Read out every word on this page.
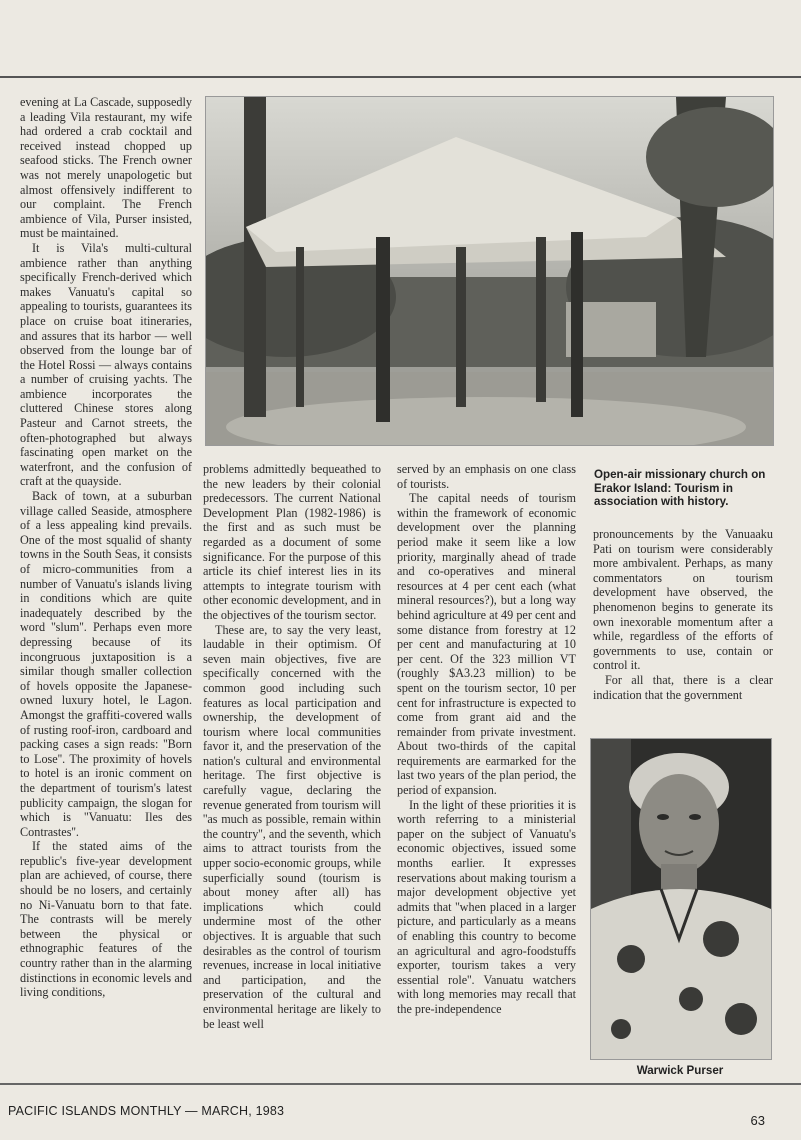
evening at La Cascade, supposedly a leading Vila restaurant, my wife had ordered a crab cocktail and received instead chopped up seafood sticks. The French owner was not merely unapologetic but almost offensively indifferent to our complaint. The French ambience of Vila, Purser insisted, must be maintained.

It is Vila's multi-cultural ambience rather than anything specifically French-derived which makes Vanuatu's capital so appealing to tourists, guarantees its place on cruise boat itineraries, and assures that its harbor — well observed from the lounge bar of the Hotel Rossi — always contains a number of cruising yachts. The ambience incorporates the cluttered Chinese stores along Pasteur and Carnot streets, the often-photographed but always fascinating open market on the waterfront, and the confusion of craft at the quayside.

Back of town, at a suburban village called Seaside, atmosphere of a less appealing kind prevails. One of the most squalid of shanty towns in the South Seas, it consists of micro-communities from a number of Vanuatu's islands living in conditions which are quite inadequately described by the word ''slum''. Perhaps even more depressing because of its incongruous juxtaposition is a similar though smaller collection of hovels opposite the Japanese-owned luxury hotel, le Lagon. Amongst the graffiti-covered walls of rusting roof-iron, cardboard and packing cases a sign reads: ''Born to Lose''. The proximity of hovels to hotel is an ironic comment on the department of tourism's latest publicity campaign, the slogan for which is ''Vanuatu: Iles des Contrastes''.

If the stated aims of the republic's five-year development plan are achieved, of course, there should be no losers, and certainly no Ni-Vanuatu born to that fate. The contrasts will be merely between the physical or ethnographic features of the country rather than in the alarming distinctions in economic levels and living conditions,

Open-air missionary church on Erakor Island: Tourism in association with history.

problems admittedly bequeathed to the new leaders by their colonial predecessors. The current National Development Plan (1982-1986) is the first and as such must be regarded as a document of some significance. For the purpose of this article its chief interest lies in its attempts to integrate tourism with other economic development, and in the objectives of the tourism sector.

These are, to say the very least, laudable in their optimism. Of seven main objectives, five are specifically concerned with the common good including such features as local participation and ownership, the development of tourism where local communities favor it, and the preservation of the nation's cultural and environmental heritage. The first objective is carefully vague, declaring the revenue generated from tourism will ''as much as possible, remain within the country'', and the seventh, which aims to attract tourists from the upper socio-economic groups, while superficially sound (tourism is about money after all) has implications which could undermine most of the other objectives. It is arguable that such desirables as the control of tourism revenues, increase in local initiative and participation, and the preservation of the cultural and environmental heritage are likely to be least well

served by an emphasis on one class of tourists.

The capital needs of tourism within the framework of economic development over the planning period make it seem like a low priority, marginally ahead of trade and co-operatives and mineral resources at 4 per cent each (what mineral resources?), but a long way behind agriculture at 49 per cent and some distance from forestry at 12 per cent and manufacturing at 10 per cent. Of the 323 million VT (roughly $A3.23 million) to be spent on the tourism sector, 10 per cent for infrastructure is expected to come from grant aid and the remainder from private investment. About two-thirds of the capital requirements are earmarked for the last two years of the plan period, the period of expansion.

In the light of these priorities it is worth referring to a ministerial paper on the subject of Vanuatu's economic objectives, issued some months earlier. It expresses reservations about making tourism a major development objective yet admits that ''when placed in a larger picture, and particularly as a means of enabling this country to become an agricultural and agro-foodstuffs exporter, tourism takes a very essential role''. Vanuatu watchers with long memories may recall that the pre-independence

pronouncements by the Vanuaaku Pati on tourism were considerably more ambivalent. Perhaps, as many commentators on tourism development have observed, the phenomenon begins to generate its own inexorable momentum after a while, regardless of the efforts of governments to use, contain or control it.

For all that, there is a clear indication that the government

Warwick Purser
PACIFIC ISLANDS MONTHLY — MARCH, 1983
63
